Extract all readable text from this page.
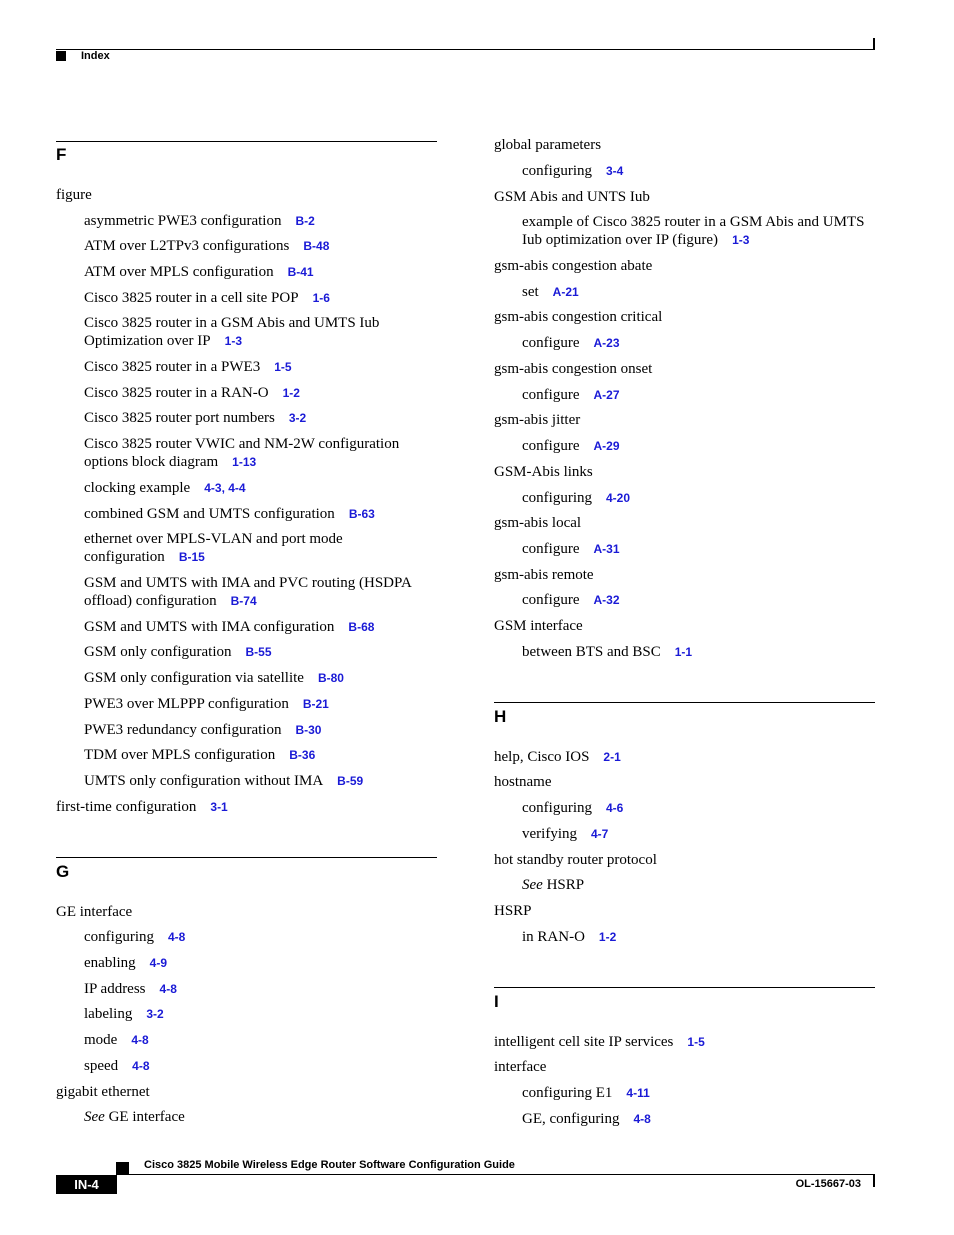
Index
F
figure
asymmetric PWE3 configuration B-2
ATM over L2TPv3 configurations B-48
ATM over MPLS configuration B-41
Cisco 3825 router in a cell site POP 1-6
Cisco 3825 router in a GSM Abis and UMTS Iub Optimization over IP 1-3
Cisco 3825 router in a PWE3 1-5
Cisco 3825 router in a RAN-O 1-2
Cisco 3825 router port numbers 3-2
Cisco 3825 router VWIC and NM-2W configuration options block diagram 1-13
clocking example 4-3, 4-4
combined GSM and UMTS configuration B-63
ethernet over MPLS-VLAN and port mode configuration B-15
GSM and UMTS with IMA and PVC routing (HSDPA offload) configuration B-74
GSM and UMTS with IMA configuration B-68
GSM only configuration B-55
GSM only configuration via satellite B-80
PWE3 over MLPPP configuration B-21
PWE3 redundancy configuration B-30
TDM over MPLS configuration B-36
UMTS only configuration without IMA B-59
first-time configuration 3-1
G
GE interface
configuring 4-8
enabling 4-9
IP address 4-8
labeling 3-2
mode 4-8
speed 4-8
gigabit ethernet
See GE interface
global parameters
configuring 3-4
GSM Abis and UNTS Iub
example of Cisco 3825 router in a GSM Abis and UMTS Iub optimization over IP (figure) 1-3
gsm-abis congestion abate
set A-21
gsm-abis congestion critical
configure A-23
gsm-abis congestion onset
configure A-27
gsm-abis jitter
configure A-29
GSM-Abis links
configuring 4-20
gsm-abis local
configure A-31
gsm-abis remote
configure A-32
GSM interface
between BTS and BSC 1-1
H
help, Cisco IOS 2-1
hostname
configuring 4-6
verifying 4-7
hot standby router protocol
See HSRP
HSRP
in RAN-O 1-2
I
intelligent cell site IP services 1-5
interface
configuring E1 4-11
GE, configuring 4-8
Cisco 3825 Mobile Wireless Edge Router Software Configuration Guide
IN-4	OL-15667-03
